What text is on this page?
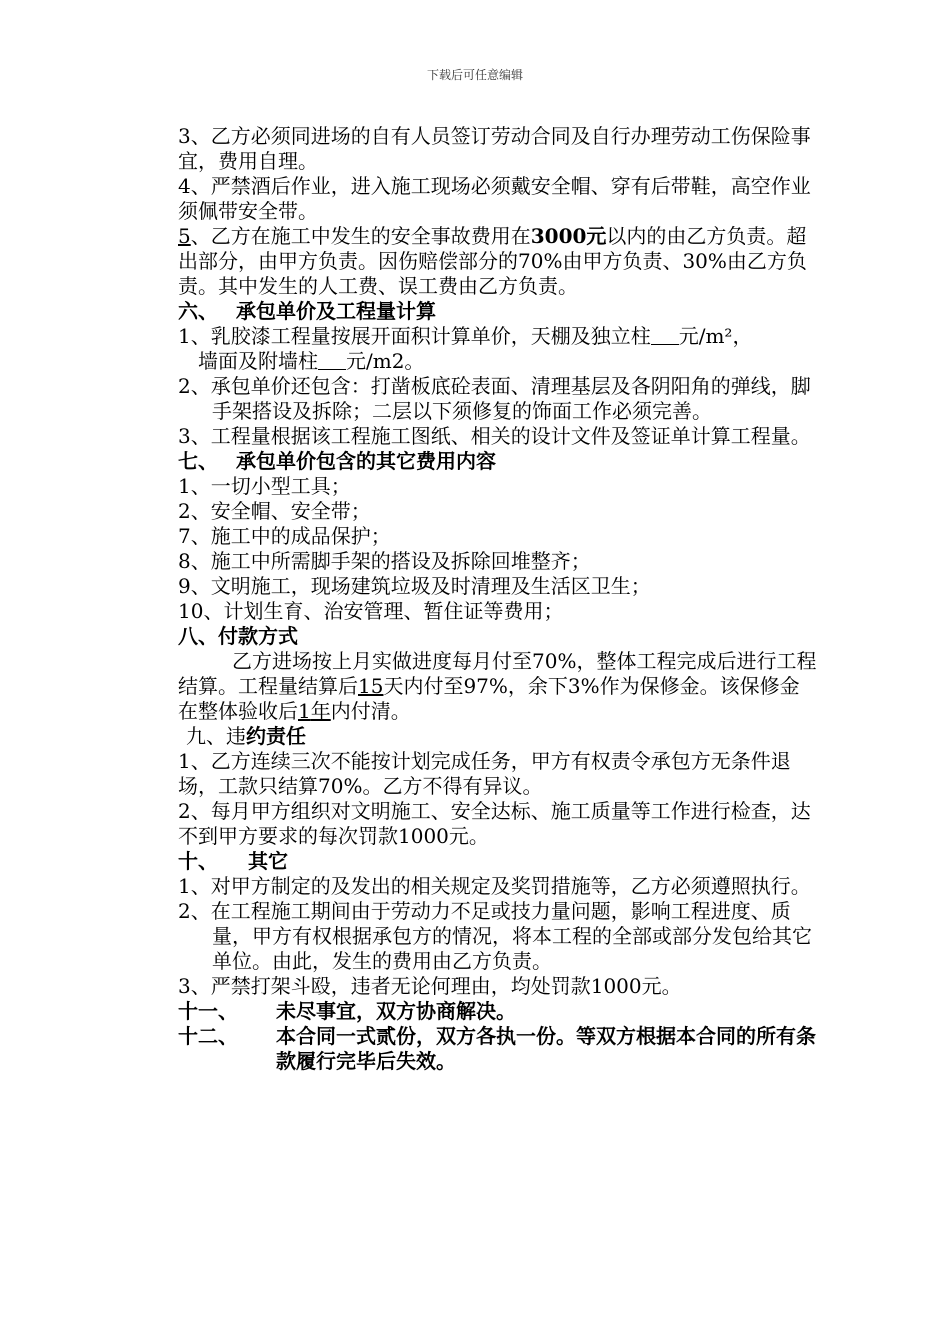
下载后可任意编辑

3、乙方必须同进场的自有人员签订劳动合同及自行办理劳动工伤保险事宜，费用自理。

4、严禁酒后作业，进入施工现场必须戴安全帽、穿有后带鞋，高空作业须佩带安全带。

5、乙方在施工中发生的安全事故费用在3000元以内的由乙方负责。超出部分，由甲方负责。因伤赔偿部分的70%由甲方负责、30%由乙方负责。其中发生的人工费、误工费由乙方负责。

六、 承包单价及工程量计算

1、乳胶漆工程量按展开面积计算单价，天棚及独立柱 元/m²，
墙面及附墙柱 元/m2。

2、承包单价还包含：打凿板底砼表面、清理基层及各阴阳角的弹线，脚手架搭设及拆除；二层以下须修复的饰面工作必须完善。

3、工程量根据该工程施工图纸、相关的设计文件及签证单计算工程量。

七、 承包单价包含的其它费用内容

1、一切小型工具；

2、安全帽、安全带；

7、施工中的成品保护；

8、施工中所需脚手架的搭设及拆除回堆整齐；

9、文明施工，现场建筑垃圾及时清理及生活区卫生；

10、计划生育、治安管理、暂住证等费用；

八、付款方式

乙方进场按上月实做进度每月付至70%，整体工程完成后进行工程结算。工程量结算后15天内付至97%，余下3%作为保修金。该保修金在整体验收后1年内付清。

九、违约责任

1、乙方连续三次不能按计划完成任务，甲方有权责令承包方无条件退场，工款只结算70%。乙方不得有异议。

2、每月甲方组织对文明施工、安全达标、施工质量等工作进行检查，达不到甲方要求的每次罚款1000元。

十、 其它

1、对甲方制定的及发出的相关规定及奖罚措施等，乙方必须遵照执行。

2、在工程施工期间由于劳动力不足或技力量问题，影响工程进度、质量，甲方有权根据承包方的情况，将本工程的全部或部分发包给其它单位。由此，发生的费用由乙方负责。

3、严禁打架斗殴，违者无论何理由，均处罚款1000元。

十一、	未尽事宜，双方协商解决。
十二、	本合同一式贰份，双方各执一份。等双方根据本合同的所有条款履行完毕后失效。
